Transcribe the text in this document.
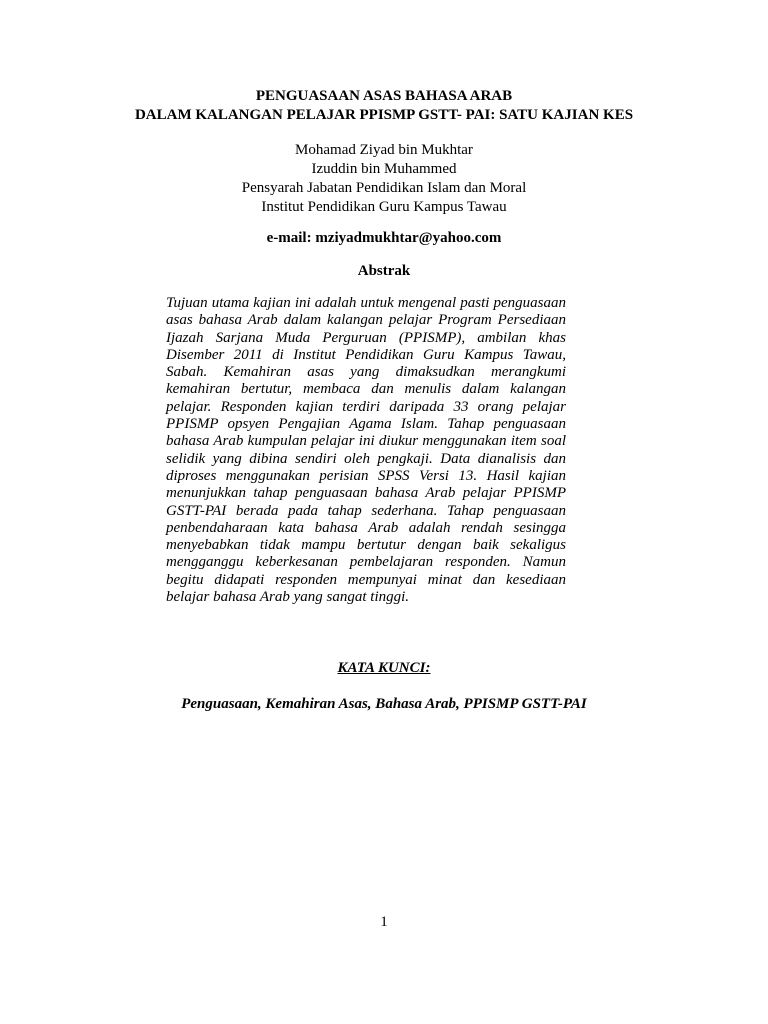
PENGUASAAN ASAS BAHASA ARAB
DALAM KALANGAN PELAJAR PPISMP GSTT- PAI: SATU KAJIAN KES
Mohamad Ziyad bin Mukhtar
Izuddin bin Muhammed
Pensyarah Jabatan Pendidikan Islam dan Moral
Institut Pendidikan Guru Kampus Tawau
e-mail: mziyadmukhtar@yahoo.com
Abstrak

Tujuan utama kajian ini adalah untuk mengenal pasti penguasaan asas bahasa Arab dalam kalangan pelajar Program Persediaan Ijazah Sarjana Muda Perguruan (PPISMP), ambilan khas Disember 2011 di Institut Pendidikan Guru Kampus Tawau, Sabah. Kemahiran asas yang dimaksudkan merangkumi kemahiran bertutur, membaca dan menulis dalam kalangan pelajar. Responden kajian terdiri daripada 33 orang pelajar PPISMP opsyen Pengajian Agama Islam. Tahap penguasaan bahasa Arab kumpulan pelajar ini diukur menggunakan item soal selidik yang dibina sendiri oleh pengkaji. Data dianalisis dan diproses menggunakan perisian SPSS Versi 13. Hasil kajian menunjukkan tahap penguasaan bahasa Arab pelajar PPISMP GSTT-PAI berada pada tahap sederhana. Tahap penguasaan penbendaharaan kata bahasa Arab adalah rendah sesingga menyebabkan tidak mampu bertutur dengan baik sekaligus mengganggu keberkesanan pembelajaran responden. Namun begitu didapati responden mempunyai minat dan kesediaan belajar bahasa Arab yang sangat tinggi.

KATA KUNCI:
Penguasaan, Kemahiran Asas, Bahasa Arab, PPISMP GSTT-PAI
1
